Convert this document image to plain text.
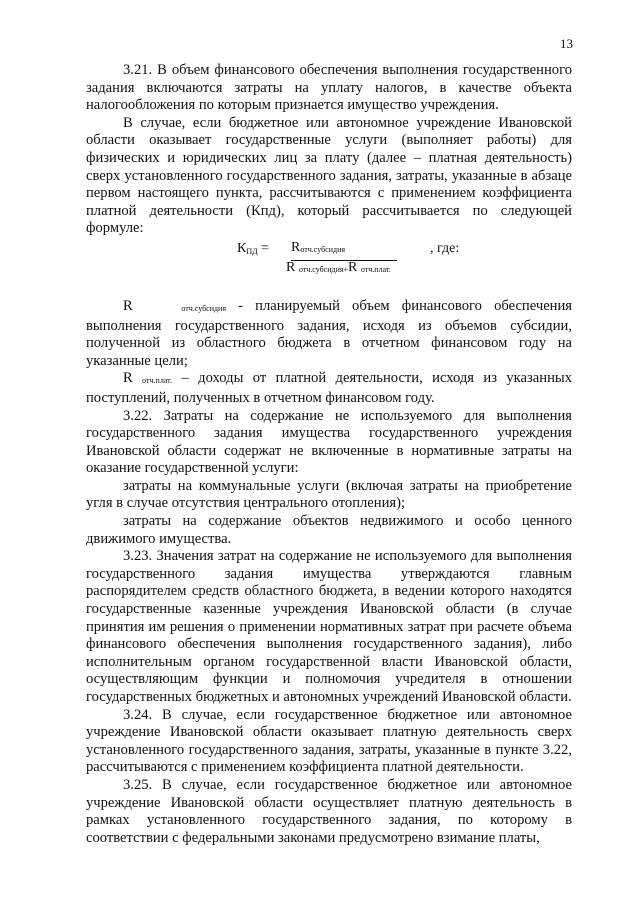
13

3.21. В объем финансового обеспечения выполнения государственного задания включаются затраты на уплату налогов, в качестве объекта налогообложения по которым признается имущество учреждения.

В случае, если бюджетное или автономное учреждение Ивановской области оказывает государственные услуги (выполняет работы) для физических и юридических лиц за плату (далее – платная деятельность) сверх установленного государственного задания, затраты, указанные в абзаце первом настоящего пункта, рассчитываются с применением коэффициента платной деятельности (Кпд), который рассчитывается по следующей формуле:

$К_{ПД}$ = Rотч.субсидия
R отч.субсидия+R отч.плат.
, где:

R	отч.субсидия - планируемый объем финансового обеспечения выполнения государственного задания, исходя из объемов субсидии, полученной из областного бюджета в отчетном финансовом году на указанные цели;

R отч.плат. – доходы от платной деятельности, исходя из указанных поступлений, полученных в отчетном финансовом году.

3.22. Затраты на содержание не используемого для выполнения государственного задания имущества государственного учреждения Ивановской области содержат не включенные в нормативные затраты на оказание государственной услуги:

затраты на коммунальные услуги (включая затраты на приобретение угля в случае отсутствия центрального отопления);

затраты на содержание объектов недвижимого и особо ценного движимого имущества.

3.23. Значения затрат на содержание не используемого для выполнения государственного задания имущества утверждаются главным распорядителем средств областного бюджета, в ведении которого находятся государственные казенные учреждения Ивановской области (в случае принятия им решения о применении нормативных затрат при расчете объема финансового обеспечения выполнения государственного задания), либо исполнительным органом государственной власти Ивановской области, осуществляющим функции и полномочия учредителя в отношении государственных бюджетных и автономных учреждений Ивановской области.

3.24. В случае, если государственное бюджетное или автономное учреждение Ивановской области оказывает платную деятельность сверх установленного государственного задания, затраты, указанные в пункте 3.22, рассчитываются с применением коэффициента платной деятельности.

3.25. В случае, если государственное бюджетное или автономное учреждение Ивановской области осуществляет платную деятельность в рамках установленного государственного задания, по которому в соответствии с федеральными законами предусмотрено взимание платы,
